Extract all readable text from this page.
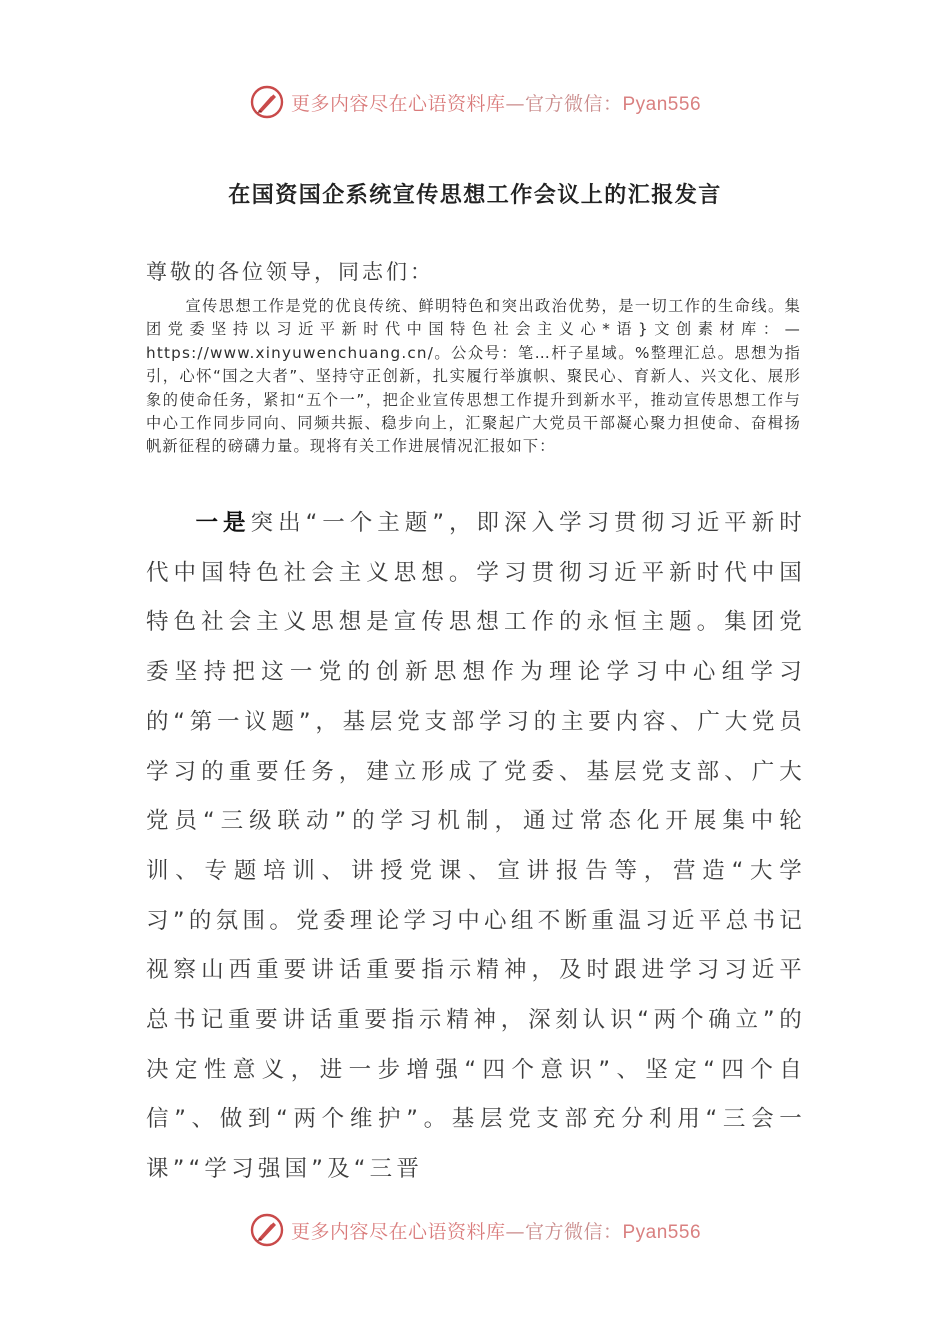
更多内容尽在心语资料库—官方微信：Pyan556
在国资国企系统宣传思想工作会议上的汇报发言
尊敬的各位领导，同志们：

宣传思想工作是党的优良传统、鲜明特色和突出政治优势，是一切工作的生命线。集团党委坚持以习近平新时代中国特色社会主义心*语}文创素材库：—https://www.xinyuwenchuang.cn/。公众号：笔…杆子星域。%整理汇总。思想为指引，心怀“国之大者”、坚持守正创新，扎实履行举旗帜、聚民心、育新人、兴文化、展形象的使命任务，紧扣“五个一”，把企业宣传思想工作提升到新水平，推动宣传思想工作与中心工作同步同向、同频共振、稳步向上，汇聚起广大党员干部凝心聚力担使命、奋楫扬帆新征程的磅礴力量。现将有关工作进展情况汇报如下：

一是突出“一个主题”，即深入学习贯彻习近平新时代中国特色社会主义思想。学习贯彻习近平新时代中国特色社会主义思想是宣传思想工作的永恒主题。集团党委坚持把这一党的创新思想作为理论学习中心组学习的“第一议题”，基层党支部学习的主要内容、广大党员学习的重要任务，建立形成了党委、基层党支部、广大党员“三级联动”的学习机制，通过常态化开展集中轮训、专题培训、讲授党课、宣讲报告等，营造“大学习”的氛围。党委理论学习中心组不断重温习近平总书记视察山西重要讲话重要指示精神，及时跟进学习习近平总书记重要讲话重要指示精神，深刻认识“两个确立”的决定性意义，进一步增强“四个意识”、坚定“四个自信”、做到“两个维护”。基层党支部充分利用“三会一课”“学习强国”及“三晋

更多内容尽在心语资料库—官方微信：Pyan556
